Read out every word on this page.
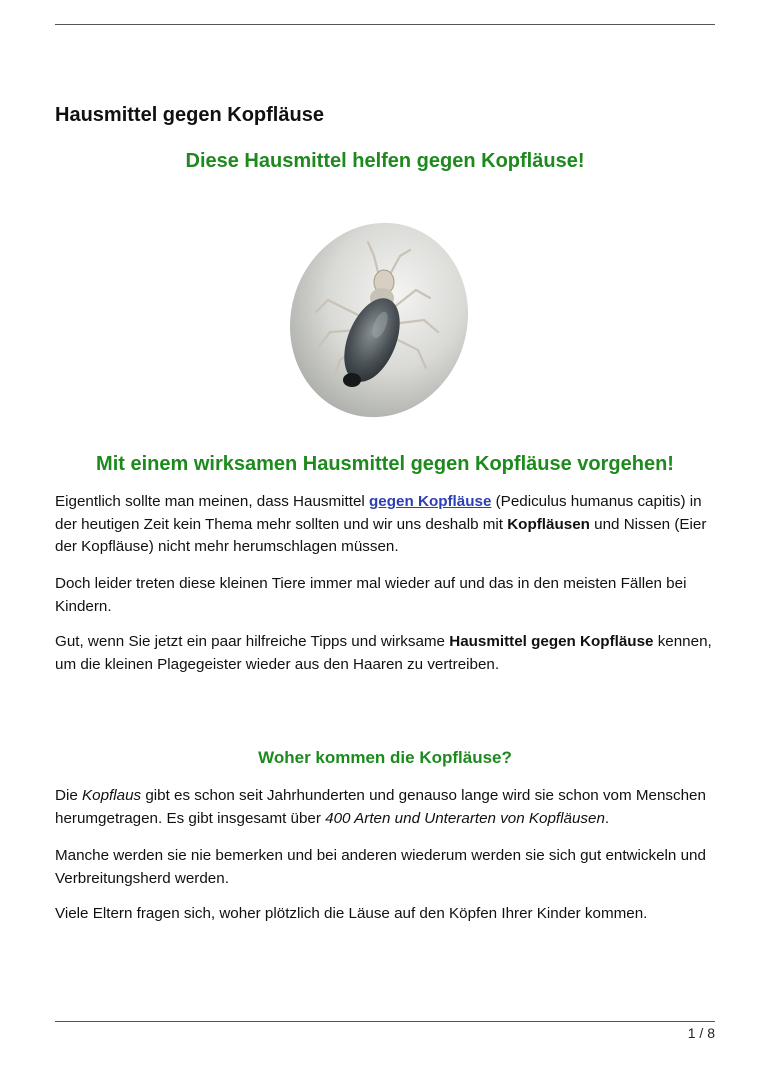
Hausmittel gegen Kopfläuse
Diese Hausmittel helfen gegen Kopfläuse!
Mit einem wirksamen Hausmittel gegen Kopfläuse vorgehen!

Eigentlich sollte man meinen, dass Hausmittel gegen Kopfläuse (Pediculus humanus capitis) in der heutigen Zeit kein Thema mehr sollten und wir uns deshalb mit Kopfläusen und Nissen (Eier der Kopfläuse) nicht mehr herumschlagen müssen.

Doch leider treten diese kleinen Tiere immer mal wieder auf und das in den meisten Fällen bei Kindern.

Gut, wenn Sie jetzt ein paar hilfreiche Tipps und wirksame Hausmittel gegen Kopfläuse kennen, um die kleinen Plagegeister wieder aus den Haaren zu vertreiben.

Woher kommen die Kopfläuse?

Die Kopflaus gibt es schon seit Jahrhunderten und genauso lange wird sie schon vom Menschen herumgetragen. Es gibt insgesamt über 400 Arten und Unterarten von Kopfläusen.

Manche werden sie nie bemerken und bei anderen wiederum werden sie sich gut entwickeln und Verbreitungsherd werden.

Viele Eltern fragen sich, woher plötzlich die Läuse auf den Köpfen Ihrer Kinder kommen.

1 / 8
